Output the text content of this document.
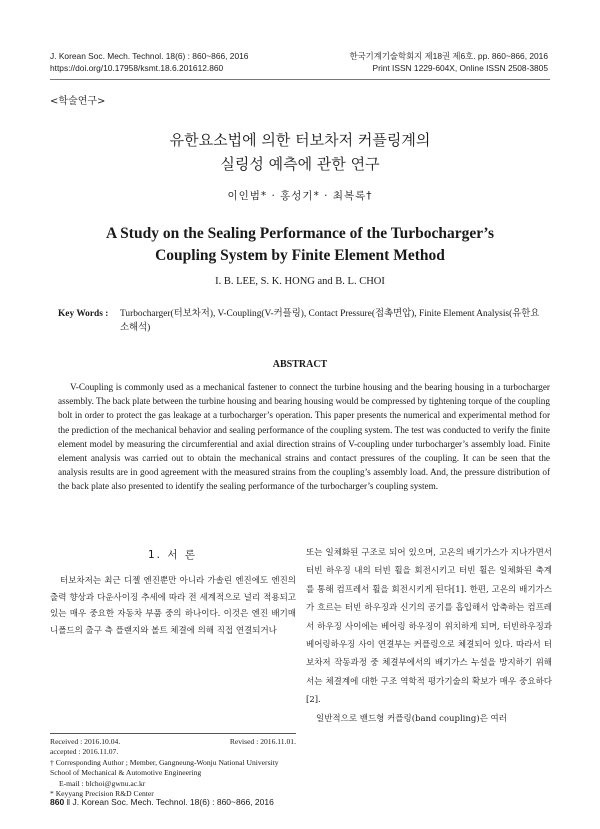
J. Korean Soc. Mech. Technol. 18(6) : 860~866, 2016
https://doi.org/10.17958/ksmt.18.6.201612.860
한국기계기술학회지 제18권 제6호. pp. 860~866, 2016
Print ISSN 1229-604X, Online ISSN 2508-3805
<학술연구>
유한요소법에 의한 터보차저 커플링계의
실링성 예측에 관한 연구
이인범* · 홍성기* · 최복록†
A Study on the Sealing Performance of the Turbocharger’s
Coupling System by Finite Element Method
I. B. LEE, S. K. HONG and B. L. CHOI
Key Words : Turbocharger(터보차저), V-Coupling(V-커플링), Contact Pressure(접촉면압), Finite Element Analysis(유한요소해석)
ABSTRACT

V-Coupling is commonly used as a mechanical fastener to connect the turbine housing and the bearing housing in a turbocharger assembly. The back plate between the turbine housing and bearing housing would be compressed by tightening torque of the coupling bolt in order to protect the gas leakage at a turbocharger’s operation. This paper presents the numerical and experimental method for the prediction of the mechanical behavior and sealing performance of the coupling system. The test was conducted to verify the finite element model by measuring the circumferential and axial direction strains of V-coupling under turbocharger’s assembly load. Finite element analysis was carried out to obtain the mechanical strains and contact pressures of the coupling. It can be seen that the analysis results are in good agreement with the measured strains from the coupling’s assembly load. And, the pressure distribution of the back plate also presented to identify the sealing performance of the turbocharger’s coupling system.

1. 서 론

터보차저는 최근 디젤 엔진뿐만 아니라 가솔린 엔진에도 엔진의 출력 향상과 다운사이징 추세에 따라 전 세계적으로 널리 적용되고 있는 매우 중요한 자동차 부품 중의 하나이다. 이것은 엔진 배기매니폴드의 출구 측 플랜지와 볼트 체결에 의해 직접 연결되거나

또는 일체화된 구조로 되어 있으며, 고온의 배기가스가 지나가면서 터빈 하우징 내의 터빈 휠을 회전시키고 터빈 휠은 일체화된 축계를 통해 컴프레서 휠을 회전시키게 된다[1]. 한편, 고온의 배기가스가 흐르는 터빈 하우징과 신기의 공기를 흡입해서 압축하는 컴프레서 하우징 사이에는 베어링 하우징이 위치하게 되며, 터빈하우징과 베어링하우징 사이 연결부는 커플링으로 체결되어 있다. 따라서 터보차저 작동과정 중 체결부에서의 배기가스 누설을 방지하기 위해서는 체결계에 대한 구조 역학적 평가기술의 확보가 매우 중요하다[2].

일반적으로 밴드형 커플링(band coupling)은 여러

Received : 2016.10.04.	Revised : 2016.11.01.
accepted : 2016.11.07.
† Corresponding Author ; Member, Gangneung-Wonju National University School of Mechanical & Automotive Engineering
E-mail : blchoi@gwnu.ac.kr
* Keyyang Precision R&D Center
860 ‖ J. Korean Soc. Mech. Technol. 18(6) : 860~866, 2016
